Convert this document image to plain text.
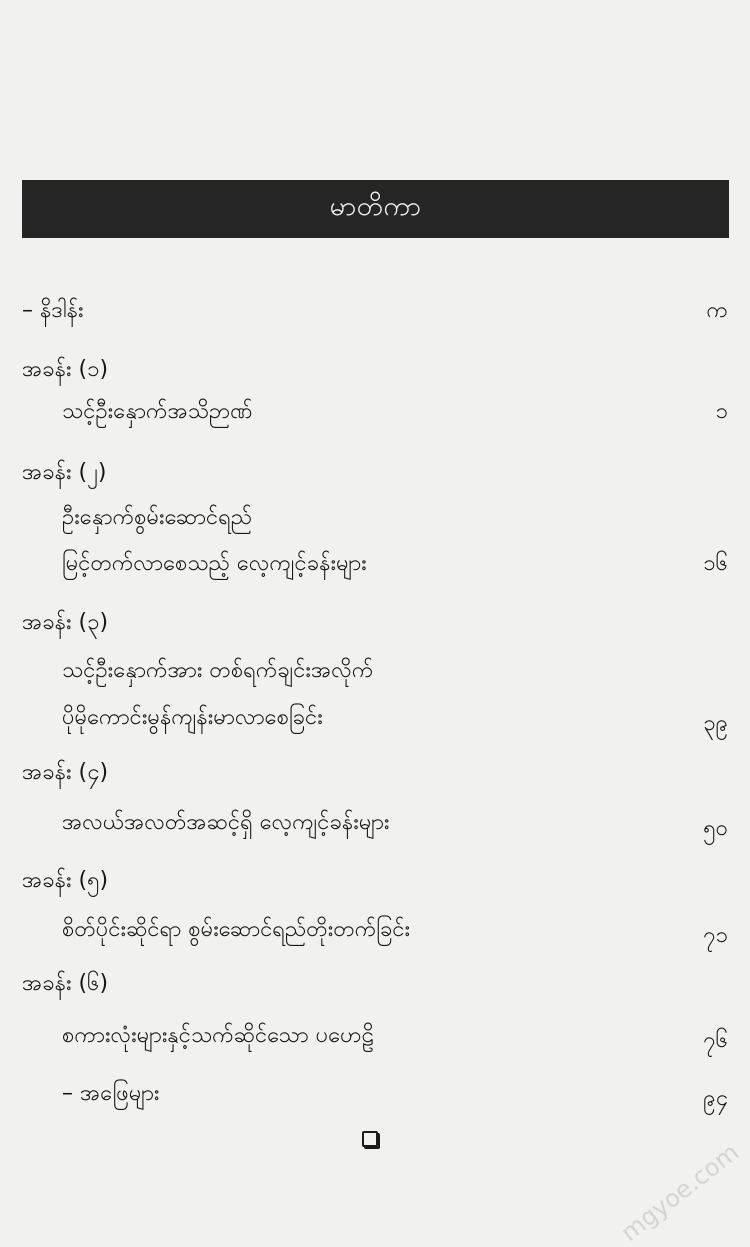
မာတိကာ
– နိဒါန်း	က
အခန်း (၁)
သင့်ဦးနှောက်အသိဉာဏ်	၁
အခန်း (၂)
ဦးနှောက်စွမ်းဆောင်ရည်
မြင့်တက်လာစေသည့် လေ့ကျင့်ခန်းများ	၁၆
အခန်း (၃)
သင့်ဦးနှောက်အား တစ်ရက်ချင်းအလိုက်
ပိုမိုကောင်းမွန်ကျန်းမာလာစေခြင်း	၃၉
အခန်း (၄)
အလယ်အလတ်အဆင့်ရှိ လေ့ကျင့်ခန်းများ	၅၀
အခန်း (၅)
စိတ်ပိုင်းဆိုင်ရာ စွမ်းဆောင်ရည်တိုးတက်ခြင်း	၇၁
အခန်း (၆)
စကားလုံးများနှင့်သက်ဆိုင်သော ပဟေဠိ	၇၆
– အဖြေများ	၉၄
mgyoe.com
